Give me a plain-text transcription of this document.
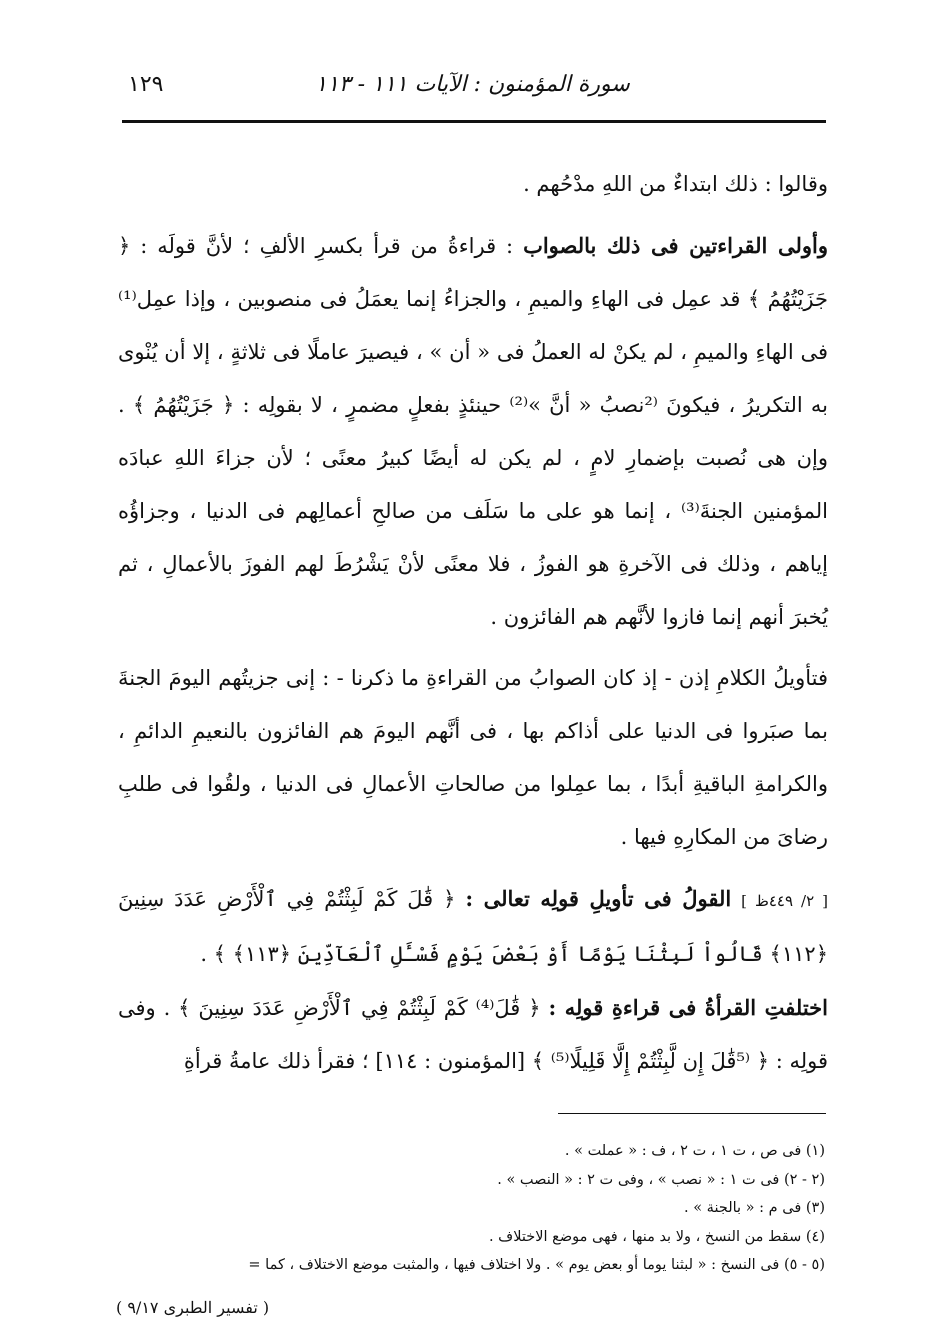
سورة المؤمنون : الآيات ١١١ - ١١٣
١٢٩

وقالوا : ذلك ابتداءٌ من اللهِ مدْحُهم .

وأولى القراءتين فى ذلك بالصواب : قراءةُ من قرأ بكسرِ الألفِ ؛ لأنَّ قولَه : ﴿ جَزَيْتُهُمُ ﴾ قد عمِل فى الهاءِ والميمِ ، والجزاءُ إنما يعمَلُ فى منصوبين ، وإذا عمِل⁽¹⁾ فى الهاءِ والميمِ ، لم يكنْ له العملُ فى « أن » ، فيصيرَ عاملًا فى ثلاثةٍ ، إلا أن يُنْوى به التكريرُ ، فيكونَ ⁽²نصبُ « أنَّ »⁽²⁾ حينئذٍ بفعلٍ مضمرٍ ، لا بقولِه : ﴿ جَزَيْتُهُمُ ﴾ . وإن هى نُصبت بإضمارِ لامٍ ، لم يكن له أيضًا كبيرُ معنًى ؛ لأن جزاءَ اللهِ عبادَه المؤمنين الجنةَ⁽³⁾ ، إنما هو على ما سَلَف من صالحِ أعمالِهم فى الدنيا ، وجزاؤُه إياهم ، وذلك فى الآخرةِ هو الفوزُ ، فلا معنًى لأنْ يَشْرُطَ لهم الفوزَ بالأعمالِ ، ثم يُخبرَ أنهم إنما فازوا لأنَّهم هم الفائزون .

فتأويلُ الكلامِ إذن - إذ كان الصوابُ من القراءةِ ما ذكرنا - : إنى جزيتُهم اليومَ الجنةَ بما صبَروا فى الدنيا على أذاكم بها ، فى أنَّهم اليومَ هم الفائزون بالنعيمِ الدائمِ ، والكرامةِ الباقيةِ أبدًا ، بما عمِلوا من صالحاتِ الأعمالِ فى الدنيا ، ولقُوا فى طلبِ رضاىَ من المكارِهِ فيها .

[ ٢/ ٤٤٩ظ ] القولُ فى تأويلِ قولِه تعالى : ﴿ قَٰلَ كَمْ لَبِثْتُمْ فِي ٱلْأَرْضِ عَدَدَ سِنِينَ ﴿١١٢﴾ قَالُواْ لَبِثْنَا يَوْمًا أَوْ بَعْضَ يَوْمٍ فَسْـَٔلِ ٱلْعَآدِّينَ ﴿١١٣﴾ ﴾ .

اختلفتِ القرأةُ فى قراءةِ قولِه : ﴿ قَٰلَ⁽⁴⁾ كَمْ لَبِثْتُمْ فِي ٱلْأَرْضِ عَدَدَ سِنِينَ ﴾ . وفى قولِه : ﴿ ⁽⁵قَٰلَ إِن لَّبِثْتُمْ إِلَّا قَلِيلًا⁽⁵⁾ ﴾ [المؤمنون : ١١٤] ؛ فقرأ ذلك عامةُ قرأةِ

(١) فى ص ، ت ١ ، ت ٢ ، ف : « عملت » .
(٢ - ٢) فى ت ١ : « نصب » ، وفى ت ٢ : « النصب » .
(٣) فى م : « بالجنة » .
(٤) سقط من النسخ ، ولا بد منها ، فهى موضع الاختلاف .
(٥ - ٥) فى النسخ : « لبثنا يوما أو بعض يوم » . ولا اختلاف فيها ، والمثبت موضع الاختلاف ، كما =
( تفسير الطبرى ٩/١٧ )
